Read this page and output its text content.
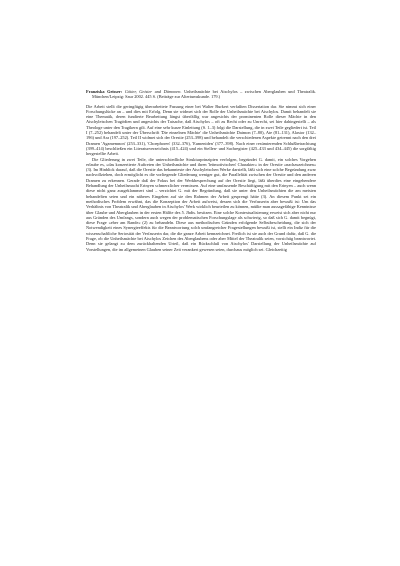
Franziska Geisser: Götter, Geister und Dämonen. Unheilsmächte bei Aischylos – zwischen Aberglauben und Theatralik. München/Leipzig: Saur 2002. 445 S. (Beiträge zur Altertumskunde. 179.)

Die Arbeit stellt die geringfügig überarbeitete Fassung einer bei Walter Burkert verfaßten Dissertation dar. Sie nimmt sich einer Forschungslücke an – und dies mit Erfolg. Denn sie widmet sich der Rolle der Unheilsmächte bei Aischylos. Damit behandelt sie eine Thematik, deren fundierte Bearbeitung längst überfällig war angesichts der prominenten Rolle dieser Mächte in den Aischyleischen Tragödien und angesichts der Tatsache, daß Aischylos – oft zu Recht oder zu Unrecht, sei hier dahingestellt – als Theologe unter den Tragikern gilt. Auf eine sehr kurze Einleitung (S. 1–3) folgt die Darstellung, die in zwei Teile gegliedert ist. Teil I (7–252) behandelt unter der Überschrift 'Die einzelnen Mächte' die Unheilsmächte Daimon (7–80), Ate (81–131), Alastor (132–196) und Ara (197–252). Teil II widmet sich der Orestie (253–398) und behandelt die verschiedenen Aspekte getrennt nach den drei Dramen 'Agamemnon' (253–331), 'Choephoren' (332–376), 'Eumeniden' (377–398). Nach einer resümierenden Schlußbetrachtung (399–414) beschließen ein Literaturverzeichnis (415–424) und ein Stellen- und Sachregister (425–433 und 434–445) die sorgfältig hergestellte Arbeit.

Die Gliederung in zwei Teile, die unterschiedliche Strukturprinzipien verfolgen, begründet G. damit, ein solches Vorgehen erlaube es, »das konzertierte Auftreten der Unheilsmächte und ihren 'leitmotivischen' Charakter« in der Orestie »nachzuzeichnen« (3). Im Hinblick darauf, daß die Orestie das bekannteste der Aischyleischen Werke darstellt, läßt sich eine solche Begründung zwar nachvollziehen, doch ermöglicht es die vorliegende Gliederung weniger gut, die Parallelität zwischen der Orestie und den anderen Dramen zu erkennen. Gerade daß der Fokus bei der Werkbesprechung auf der Orestie liegt, läßt überdies eine eingehendere Behandlung der Unheilsmacht Erinyen schmerzlicher vermissen. Auf eine umfassende Beschäftigung mit den Erinyen – auch wenn diese nicht ganz ausgeklammert sind – verzichtet G. mit der Begründung, daß sie unter den Unheilsmächten die am meisten behandelten seien und ein näheres Eingehen auf sie den Rahmen der Arbeit gesprengt hätte (3). An diesem Punkt sei ein methodisches Problem erwähnt, das die Konzeption der Arbeit aufweist, dessen sich die Verfasserin aber bewußt ist: Um das Verhältnis von Theatralik und Aberglauben in Aischylos' Werk wirklich beurteilen zu können, müßte man aussagefähige Kenntnisse über Glaube und Aberglauben in der ersten Hälfte des 5. Jhdts. besitzen. Eine solche Kontextualisierung erweist sich aber nicht nur aus Gründen des Umfangs, sondern auch wegen der problematischen Forschungslage als schwierig, so daß sich G. damit begnügt, diese Frage »eher am Rande« (2) zu behandeln. Diese aus methodischen Gründen erfolgende Selbstbescheidung, die sich der Notwendigkeit eines Synergieeffekts für die Beantwortung solch umfangreicher Fragestellungen bewußt ist, stellt ein Indiz für die wissenschaftliche Seriosität der Verfasserin dar, die die ganze Arbeit kennzeichnet. Freilich ist sie auch der Grund dafür, daß G. die Frage, ob die Unheilsmächte bei Aischylos Zeichen des Aberglaubens oder aber Mittel der Theatralik seien, vorsichtig beantwortet. Denn sie gelangt zu dem zurückhaltenden Urteil, daß ein Rückschluß von Aischylos' Darstellung der Unheilsmächte auf Vorstellungen, die im allgemeinen Glauben seiner Zeit verankert gewesen seien, durchaus möglich sei. Gleichzeitig
